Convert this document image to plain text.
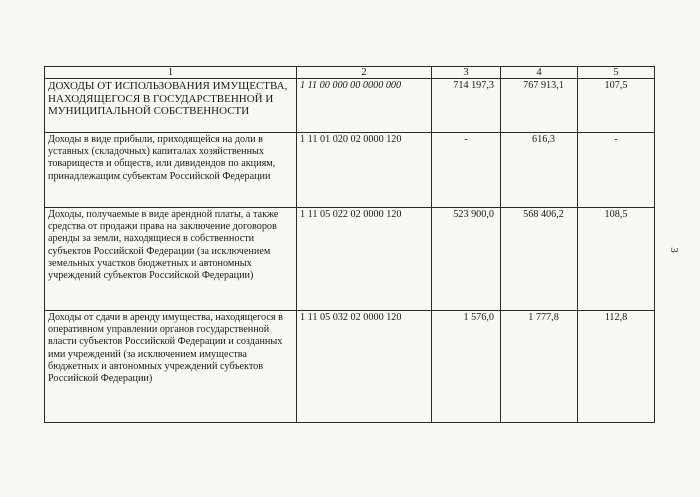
1	2	3	4	5
ДОХОДЫ ОТ ИСПОЛЬЗОВАНИЯ ИМУЩЕСТВА, НАХОДЯЩЕГОСЯ В ГОСУДАРСТВЕННОЙ И МУНИЦИПАЛЬНОЙ СОБСТВЕННОСТИ	1 11 00 000 00 0000 000	714 197,3	767 913,1	107,5
Доходы в виде прибыли, приходящейся на доли в уставных (складочных) капиталах хозяйственных товариществ и обществ, или дивидендов по акциям, принадлежащим субъектам Российской Федерации	1 11 01 020 02 0000 120	-	616,3	-
Доходы, получаемые в виде арендной платы, а также средства от продажи права на заключение договоров аренды за земли, находящиеся в собственности субъектов Российской Федерации (за исключением земельных участков бюджетных и автономных учреждений субъектов Российской Федерации)	1 11 05 022 02 0000 120	523 900,0	568 406,2	108,5
Доходы от сдачи в аренду имущества, находящегося в оперативном управлении органов государственной власти субъектов Российской Федерации и созданных ими учреждений (за исключением имущества бюджетных и автономных учреждений субъектов Российской Федерации)	1 11 05 032 02 0000 120	1 576,0	1 777,8	112,8
3
